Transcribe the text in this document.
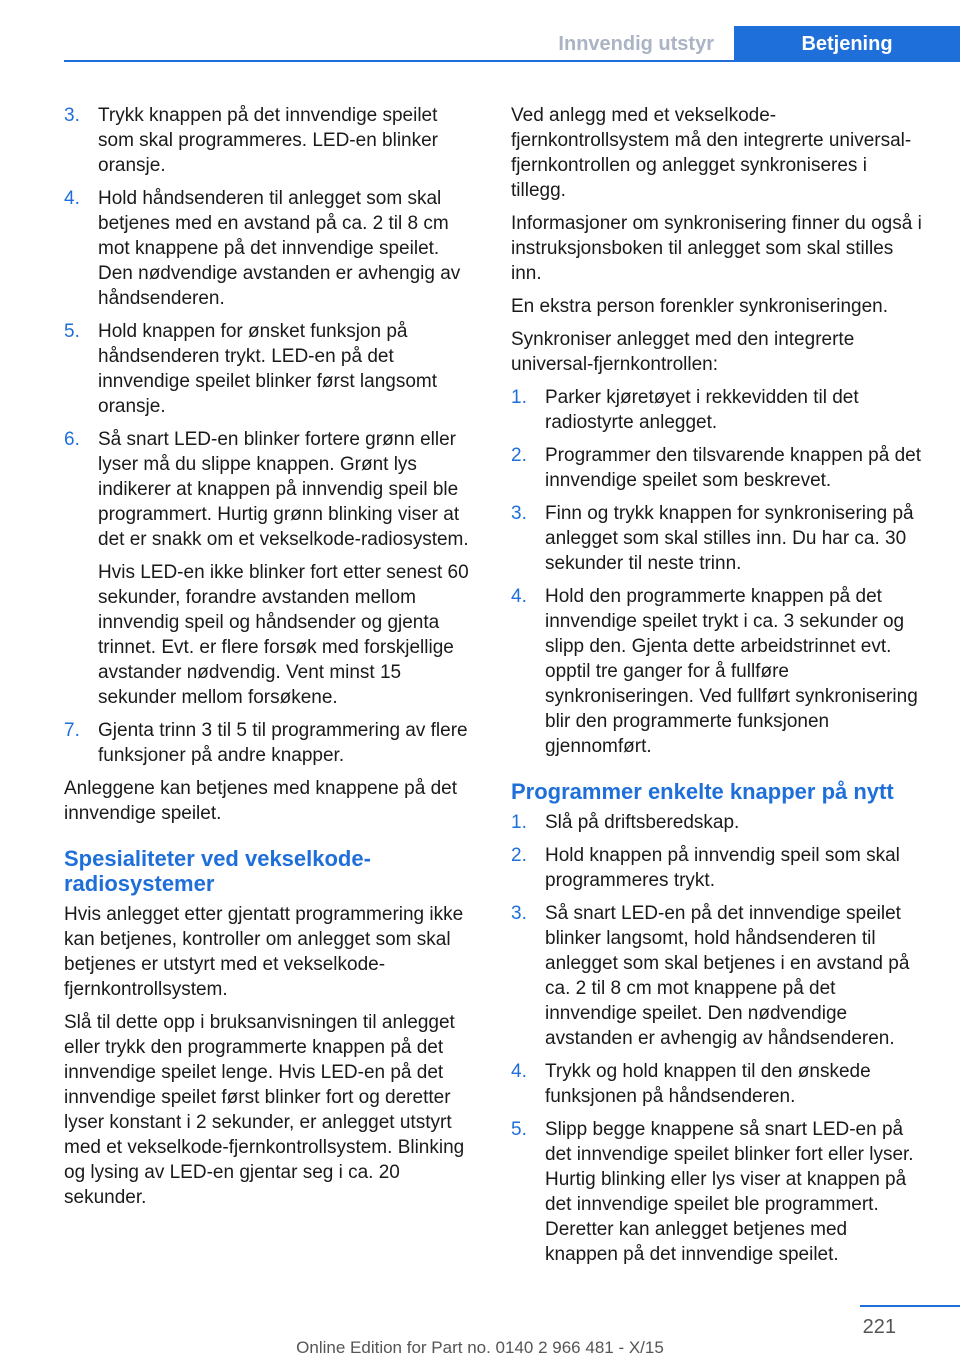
Innvendig utstyr	Betjening
3. Trykk knappen på det innvendige speilet som skal programmeres. LED-en blinker oransje.
4. Hold håndsenderen til anlegget som skal betjenes med en avstand på ca. 2 til 8 cm mot knappene på det innvendige speilet. Den nødvendige avstanden er avhengig av håndsenderen.
5. Hold knappen for ønsket funksjon på håndsenderen trykt. LED-en på det innvendige speilet blinker først langsomt oransje.
6. Så snart LED-en blinker fortere grønn eller lyser må du slippe knappen. Grønt lys indikerer at knappen på innvendig speil ble programmert. Hurtig grønn blinking viser at det er snakk om et vekselkode-radiosystem.
Hvis LED-en ikke blinker fort etter senest 60 sekunder, forandre avstanden mellom innvendig speil og håndsender og gjenta trinnet. Evt. er flere forsøk med forskjellige avstander nødvendig. Vent minst 15 sekunder mellom forsøkene.
7. Gjenta trinn 3 til 5 til programmering av flere funksjoner på andre knapper.

Anleggene kan betjenes med knappene på det innvendige speilet.

Spesialiteter ved vekselkode-radiosystemer

Hvis anlegget etter gjentatt programmering ikke kan betjenes, kontroller om anlegget som skal betjenes er utstyrt med et vekselkode-fjernkontrollsystem.

Slå til dette opp i bruksanvisningen til anlegget eller trykk den programmerte knappen på det innvendige speilet lenge. Hvis LED-en på det innvendige speilet først blinker fort og deretter lyser konstant i 2 sekunder, er anlegget utstyrt med et vekselkode-fjernkontrollsystem. Blinking og lysing av LED-en gjentar seg i ca. 20 sekunder.

Ved anlegg med et vekselkode-fjernkontrollsystem må den integrerte universal-fjernkontrollen og anlegget synkroniseres i tillegg.

Informasjoner om synkronisering finner du også i instruksjonsboken til anlegget som skal stilles inn.

En ekstra person forenkler synkroniseringen.

Synkroniser anlegget med den integrerte universal-fjernkontrollen:

1. Parker kjøretøyet i rekkevidden til det radiostyrte anlegget.
2. Programmer den tilsvarende knappen på det innvendige speilet som beskrevet.
3. Finn og trykk knappen for synkronisering på anlegget som skal stilles inn. Du har ca. 30 sekunder til neste trinn.
4. Hold den programmerte knappen på det innvendige speilet trykt i ca. 3 sekunder og slipp den. Gjenta dette arbeidstrinnet evt. opptil tre ganger for å fullføre synkroniseringen. Ved fullført synkronisering blir den programmerte funksjonen gjennomført.
Programmer enkelte knapper på nytt
1. Slå på driftsberedskap.
2. Hold knappen på innvendig speil som skal programmeres trykt.
3. Så snart LED-en på det innvendige speilet blinker langsomt, hold håndsenderen til anlegget som skal betjenes i en avstand på ca. 2 til 8 cm mot knappene på det innvendige speilet. Den nødvendige avstanden er avhengig av håndsenderen.
4. Trykk og hold knappen til den ønskede funksjonen på håndsenderen.
5. Slipp begge knappene så snart LED-en på det innvendige speilet blinker fort eller lyser. Hurtig blinking eller lys viser at knappen på det innvendige speilet ble programmert. Deretter kan anlegget betjenes med knappen på det innvendige speilet.
221
Online Edition for Part no. 0140 2 966 481 - X/15
